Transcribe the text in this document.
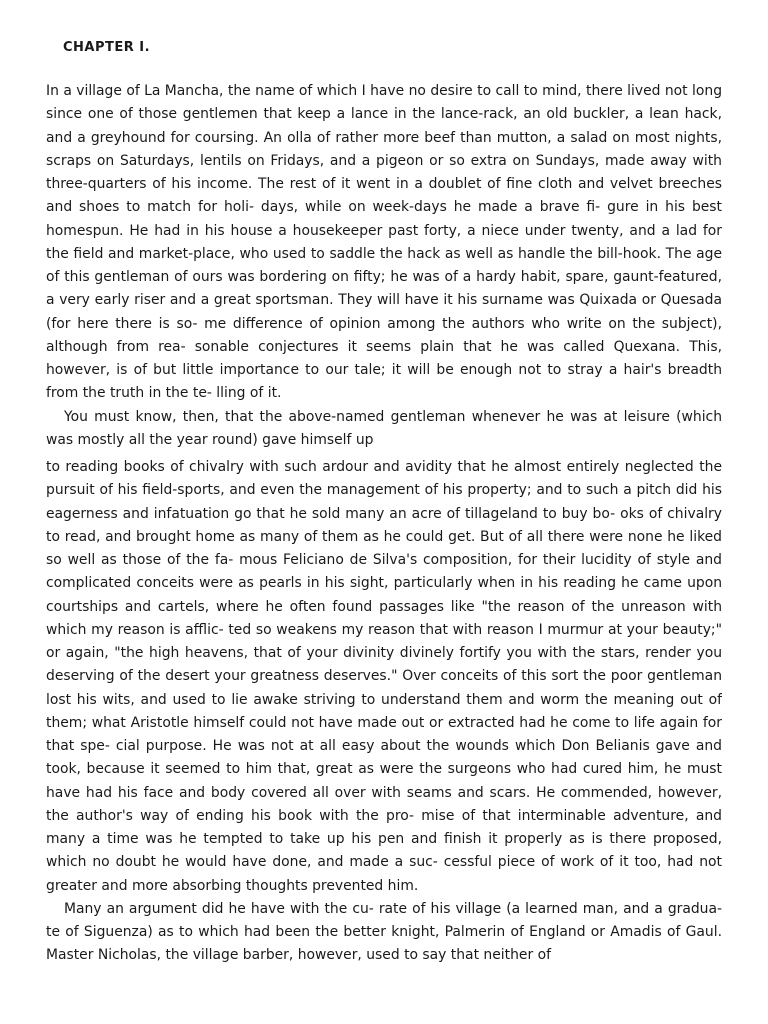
CHAPTER I.

In a village of La Mancha, the name of which I have no desire to call to mind, there lived not long since one of those gentlemen that keep a lance in the lance-rack, an old buckler, a lean hack, and a greyhound for coursing. An olla of rather more beef than mutton, a salad on most nights, scraps on Saturdays, lentils on Fridays, and a pigeon or so extra on Sundays, made away with three-quarters of his income. The rest of it went in a doublet of fine cloth and velvet breeches and shoes to match for holi- days, while on week-days he made a brave fi- gure in his best homespun. He had in his house a housekeeper past forty, a niece under twenty, and a lad for the field and market-place, who used to saddle the hack as well as handle the bill-hook. The age of this gentleman of ours was bordering on fifty; he was of a hardy habit, spare, gaunt-featured, a very early riser and a great sportsman. They will have it his surname was Quixada or Quesada (for here there is so- me difference of opinion among the authors who write on the subject), although from rea- sonable conjectures it seems plain that he was called Quexana. This, however, is of but little importance to our tale; it will be enough not to stray a hair's breadth from the truth in the te- lling of it.

You must know, then, that the above-named gentleman whenever he was at leisure (which was mostly all the year round) gave himself up

to reading books of chivalry with such ardour and avidity that he almost entirely neglected the pursuit of his field-sports, and even the management of his property; and to such a pitch did his eagerness and infatuation go that he sold many an acre of tillageland to buy bo- oks of chivalry to read, and brought home as many of them as he could get. But of all there were none he liked so well as those of the fa- mous Feliciano de Silva's composition, for their lucidity of style and complicated conceits were as pearls in his sight, particularly when in his reading he came upon courtships and cartels, where he often found passages like "the reason of the unreason with which my reason is afflic- ted so weakens my reason that with reason I murmur at your beauty;" or again, "the high heavens, that of your divinity divinely fortify you with the stars, render you deserving of the desert your greatness deserves." Over conceits of this sort the poor gentleman lost his wits, and used to lie awake striving to understand them and worm the meaning out of them; what Aristotle himself could not have made out or extracted had he come to life again for that spe- cial purpose. He was not at all easy about the wounds which Don Belianis gave and took, because it seemed to him that, great as were the surgeons who had cured him, he must have had his face and body covered all over with seams and scars. He commended, however, the author's way of ending his book with the pro- mise of that interminable adventure, and many a time was he tempted to take up his pen and finish it properly as is there proposed, which no doubt he would have done, and made a suc- cessful piece of work of it too, had not greater and more absorbing thoughts prevented him.

Many an argument did he have with the cu- rate of his village (a learned man, and a gradua- te of Siguenza) as to which had been the better knight, Palmerin of England or Amadis of Gaul. Master Nicholas, the village barber, however, used to say that neither of
